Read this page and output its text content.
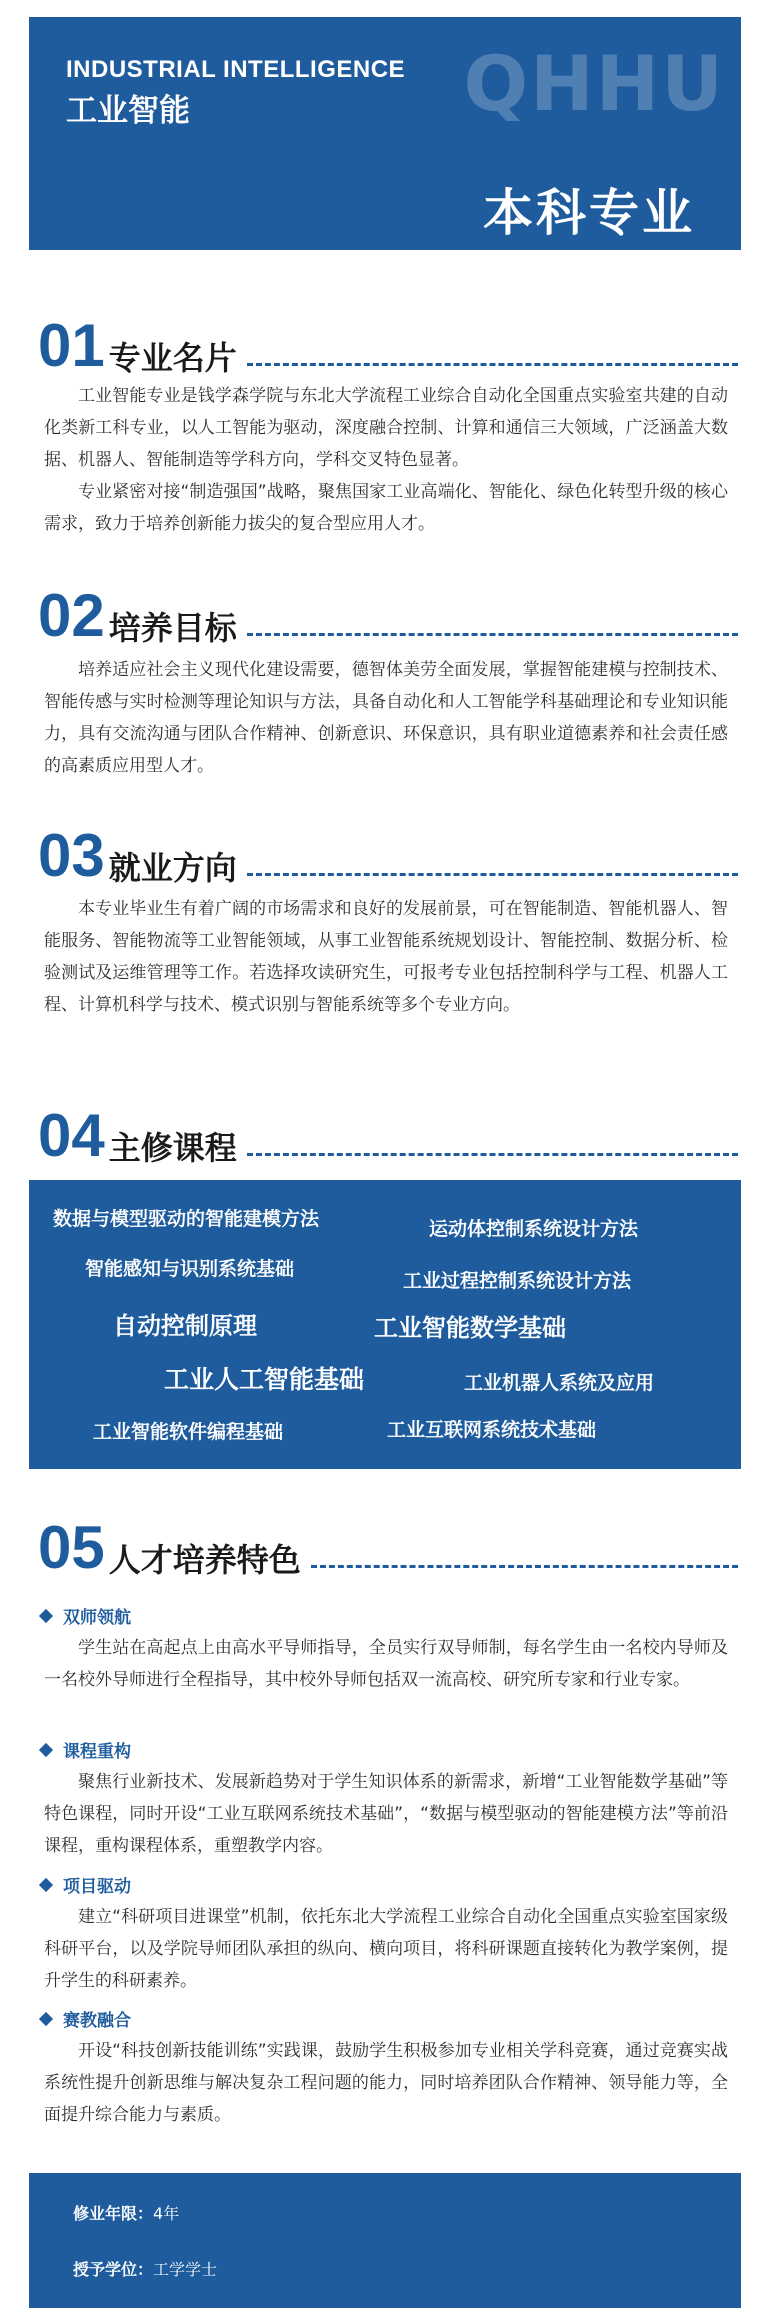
QHHU
INDUSTRIAL INTELLIGENCE
工业智能
本科专业
01 专业名片

工业智能专业是钱学森学院与东北大学流程工业综合自动化全国重点实验室共建的自动化类新工科专业，以人工智能为驱动，深度融合控制、计算和通信三大领域，广泛涵盖大数据、机器人、智能制造等学科方向，学科交叉特色显著。

专业紧密对接“制造强国”战略，聚焦国家工业高端化、智能化、绿色化转型升级的核心需求，致力于培养创新能力拔尖的复合型应用人才。

02 培养目标

培养适应社会主义现代化建设需要，德智体美劳全面发展，掌握智能建模与控制技术、智能传感与实时检测等理论知识与方法，具备自动化和人工智能学科基础理论和专业知识能力，具有交流沟通与团队合作精神、创新意识、环保意识，具有职业道德素养和社会责任感的高素质应用型人才。

03 就业方向

本专业毕业生有着广阔的市场需求和良好的发展前景，可在智能制造、智能机器人、智能服务、智能物流等工业智能领域，从事工业智能系统规划设计、智能控制、数据分析、检验测试及运维管理等工作。若选择攻读研究生，可报考专业包括控制科学与工程、机器人工程、计算机科学与技术、模式识别与智能系统等多个专业方向。

04 主修课程
数据与模型驱动的智能建模方法	运动体控制系统设计方法
智能感知与识别系统基础
工业过程控制系统设计方法
自动控制原理	工业智能数学基础
工业人工智能基础	工业机器人系统及应用
工业智能软件编程基础	工业互联网系统技术基础
05 人才培养特色
双师领航

学生站在高起点上由高水平导师指导，全员实行双导师制，每名学生由一名校内导师及一名校外导师进行全程指导，其中校外导师包括双一流高校、研究所专家和行业专家。

课程重构

聚焦行业新技术、发展新趋势对于学生知识体系的新需求，新增“工业智能数学基础”等特色课程，同时开设“工业互联网系统技术基础”，“数据与模型驱动的智能建模方法”等前沿课程，重构课程体系，重塑教学内容。

项目驱动

建立“科研项目进课堂”机制，依托东北大学流程工业综合自动化全国重点实验室国家级科研平台，以及学院导师团队承担的纵向、横向项目，将科研课题直接转化为教学案例，提升学生的科研素养。

赛教融合

开设“科技创新技能训练”实践课，鼓励学生积极参加专业相关学科竞赛，通过竞赛实战系统性提升创新思维与解决复杂工程问题的能力，同时培养团队合作精神、领导能力等，全面提升综合能力与素质。

修业年限：4年
授予学位：工学学士
